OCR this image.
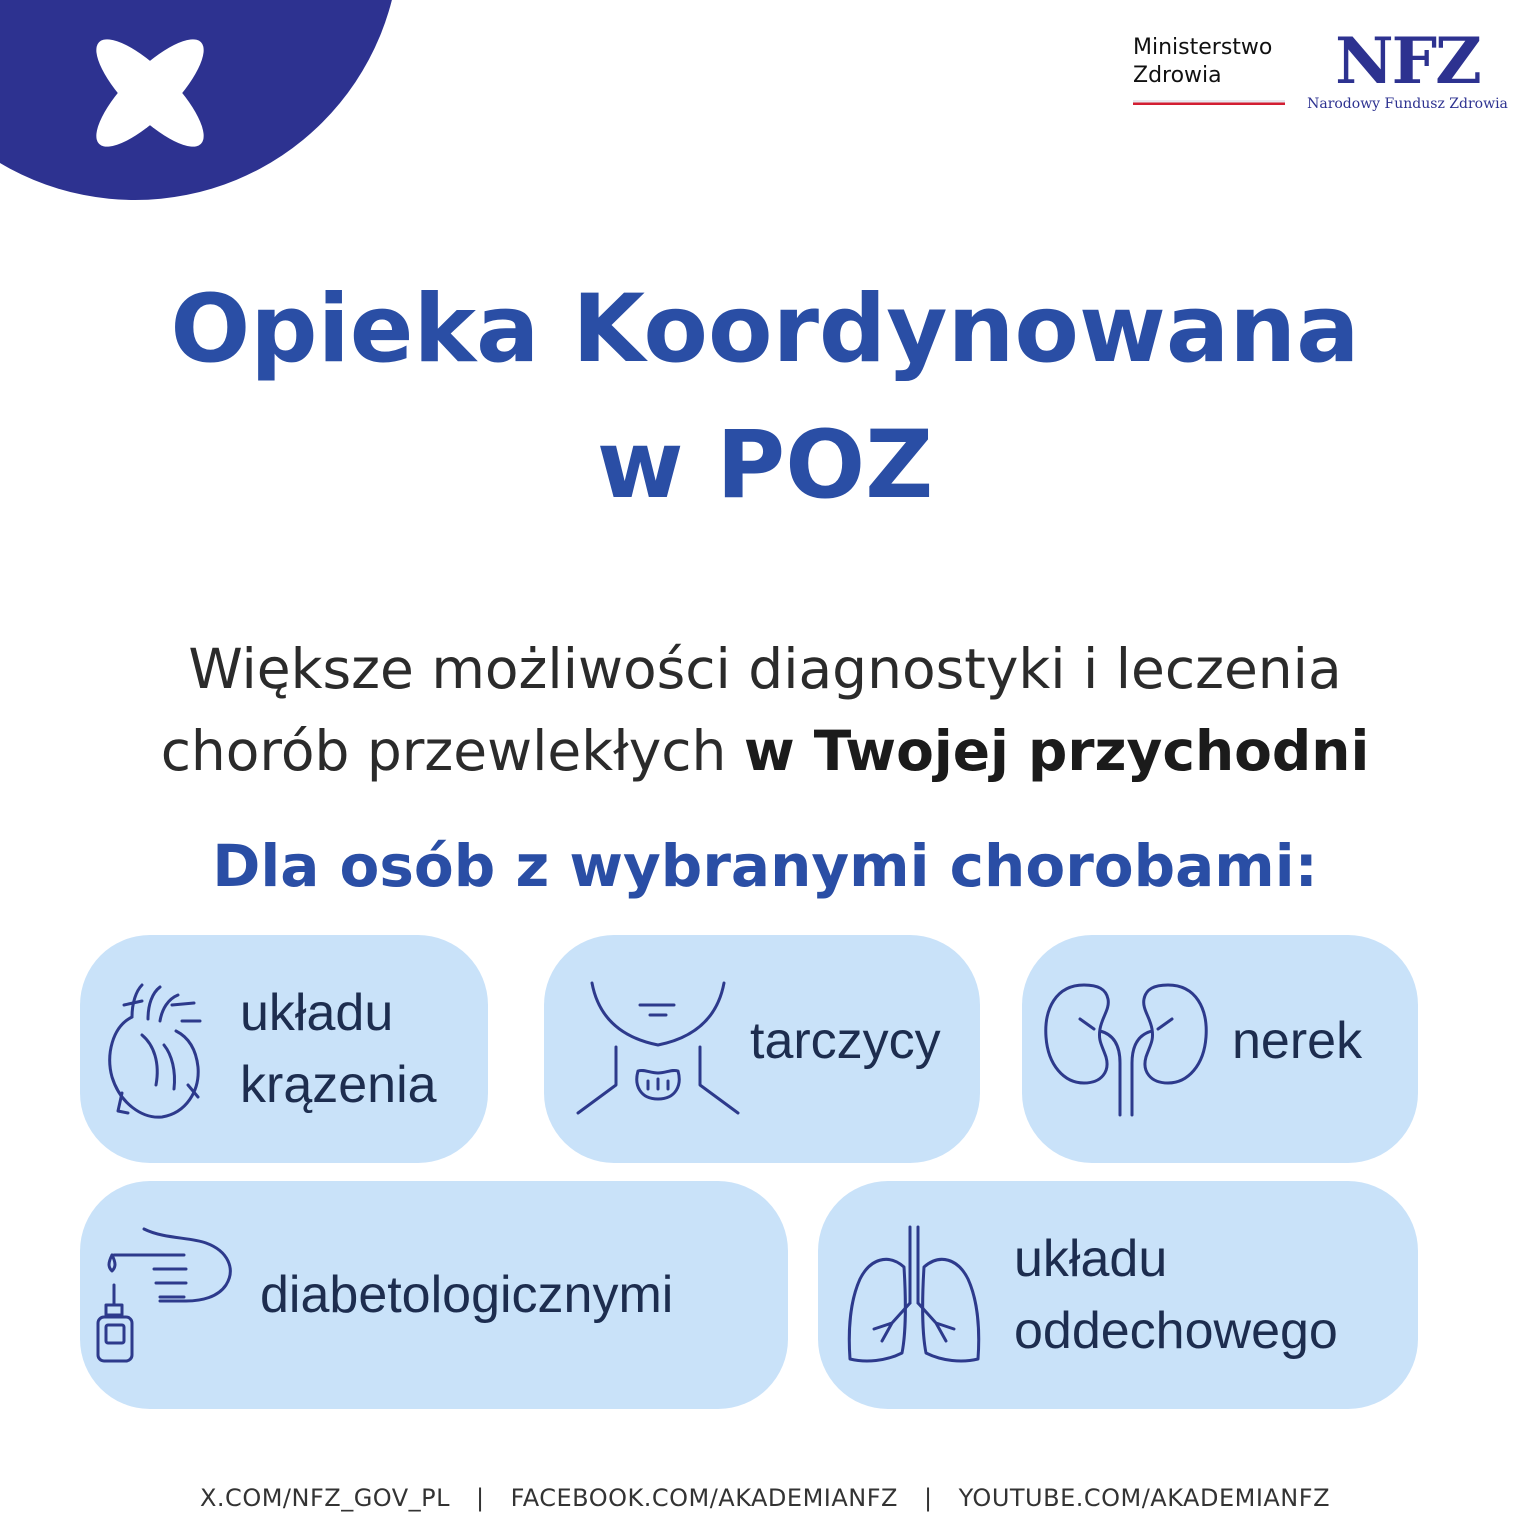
Ministerstwo
Zdrowia	NFZ
Narodowy Fundusz Zdrowia
Opieka Koordynowana
w POZ
Większe możliwości diagnostyki i leczenia
chorób przewlekłych w Twojej przychodni
Dla osób z wybranymi chorobami:
układu
krązenia
tarczycy	nerek
diabetologicznymi
układu
oddechowego
X.COM/NFZ_GOV_PL | FACEBOOK.COM/AKADEMIANFZ | YOUTUBE.COM/AKADEMIANFZ
